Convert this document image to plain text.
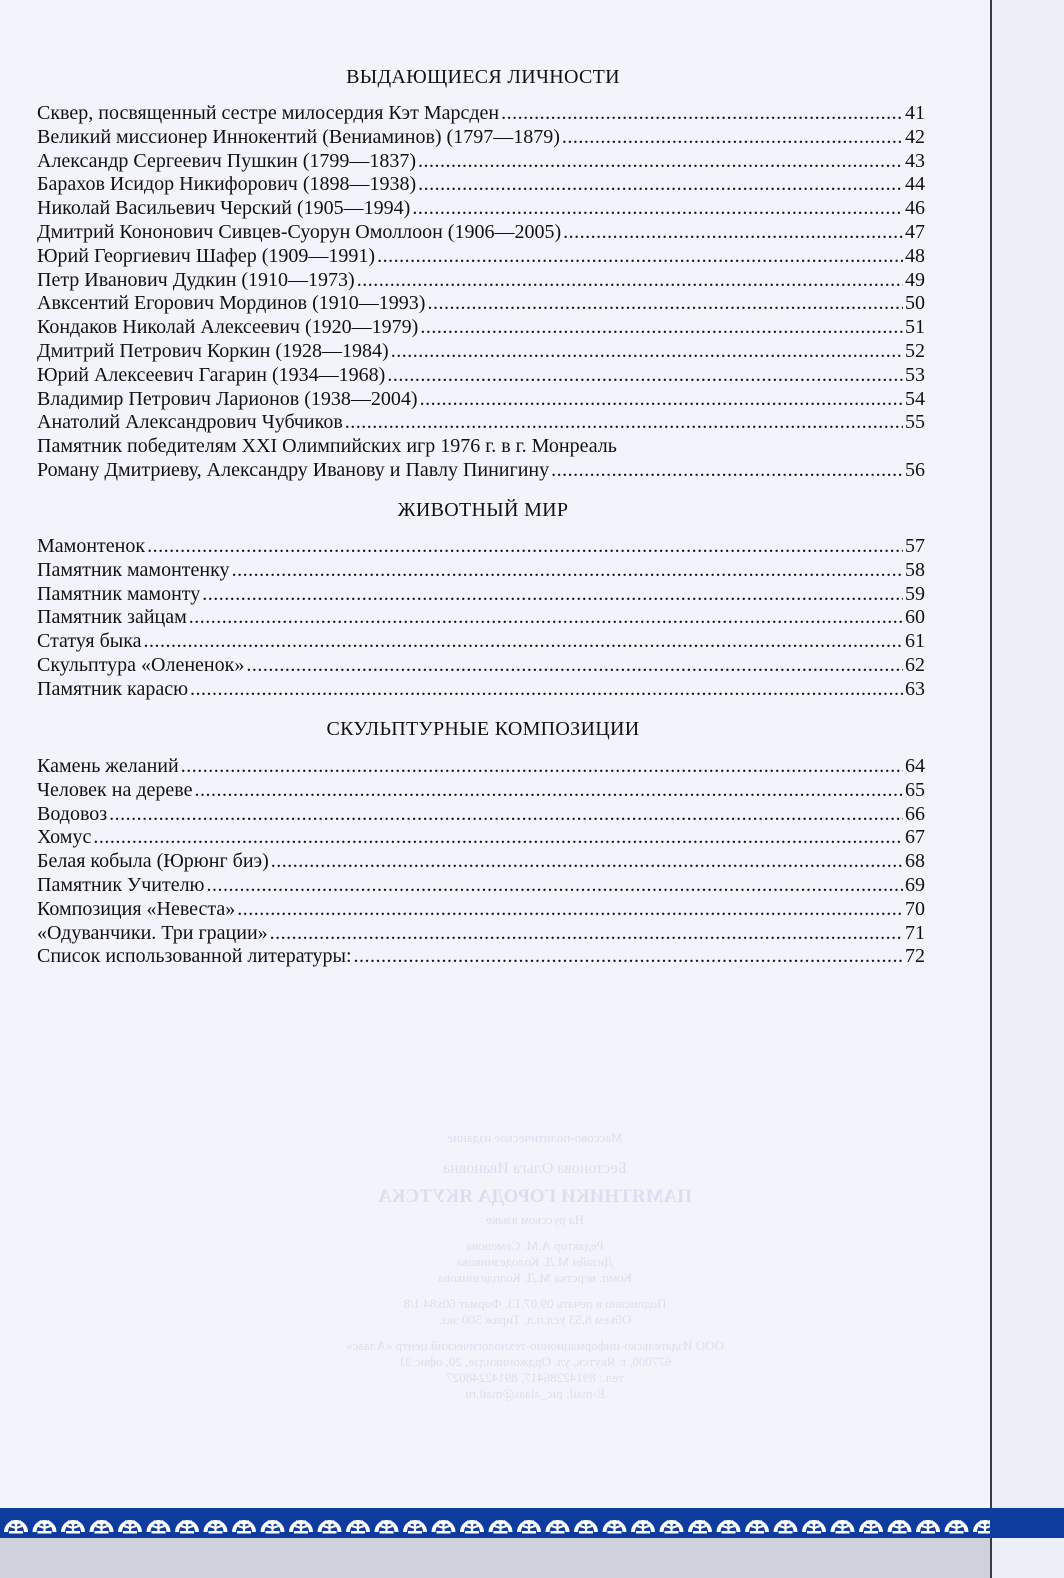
Массово-политическое издание
Бестонова Ольга Ивановна
ПАМЯТНИКИ ГОРОДА ЯКУТСКА
На русском языке
Редактор А.М. Семенова
Дизайн М.Д. Колодезникова
Комп. верстка М.Д. Колодезникова
Подписано в печать 09.07.13. Формат 60х84 1/8
Объем 8,53 усл.п.л. Тираж 500 экз.
ООО Издательско-информационно-технологический центр «Алаас»
677000, г. Якутск, ул. Орджоникидзе, 20, офис 31
тел.: 89142286417, 89142248027
E-mail: pic_alaas@mail.ru
ВЫДАЮЩИЕСЯ ЛИЧНОСТИ
Сквер, посвященный сестре милосердия Кэт Марсден .....	41
Великий миссионер Иннокентий (Вениаминов) (1797—1879) .....	42
Александр Сергеевич Пушкин (1799—1837) .....	43
Барахов Исидор Никифорович (1898—1938) .....	44
Николай Васильевич Черский (1905—1994) .....	46
Дмитрий Кононович Сивцев-Суорун Омоллоон (1906—2005) .....	47
Юрий Георгиевич Шафер (1909—1991) .....	48
Петр Иванович Дудкин (1910—1973) .....	49
Авксентий Егорович Мординов (1910—1993) .....	50
Кондаков Николай Алексеевич (1920—1979) .....	51
Дмитрий Петрович Коркин (1928—1984) .....	52
Юрий Алексеевич Гагарин (1934—1968) .....	53
Владимир Петрович Ларионов (1938—2004) .....	54
Анатолий Александрович Чубчиков .....	55
Памятник победителям XXI Олимпийских игр 1976 г. в г. Монреаль
Роману Дмитриеву, Александру Иванову и Павлу Пинигину .....	56
ЖИВОТНЫЙ МИР
Мамонтенок .....	57
Памятник мамонтенку .....	58
Памятник мамонту .....	59
Памятник зайцам .....	60
Статуя быка .....	61
Скульптура «Олененок» .....	62
Памятник карасю .....	63
СКУЛЬПТУРНЫЕ КОМПОЗИЦИИ
Камень желаний .....	64
Человек на дереве .....	65
Водовоз .....	66
Хомус .....	67
Белая кобыла (Юрюнг биэ) .....	68
Памятник Учителю .....	69
Композиция «Невеста» .....	70
«Одуванчики. Три грации» .....	71
Список использованной литературы: .....	72
